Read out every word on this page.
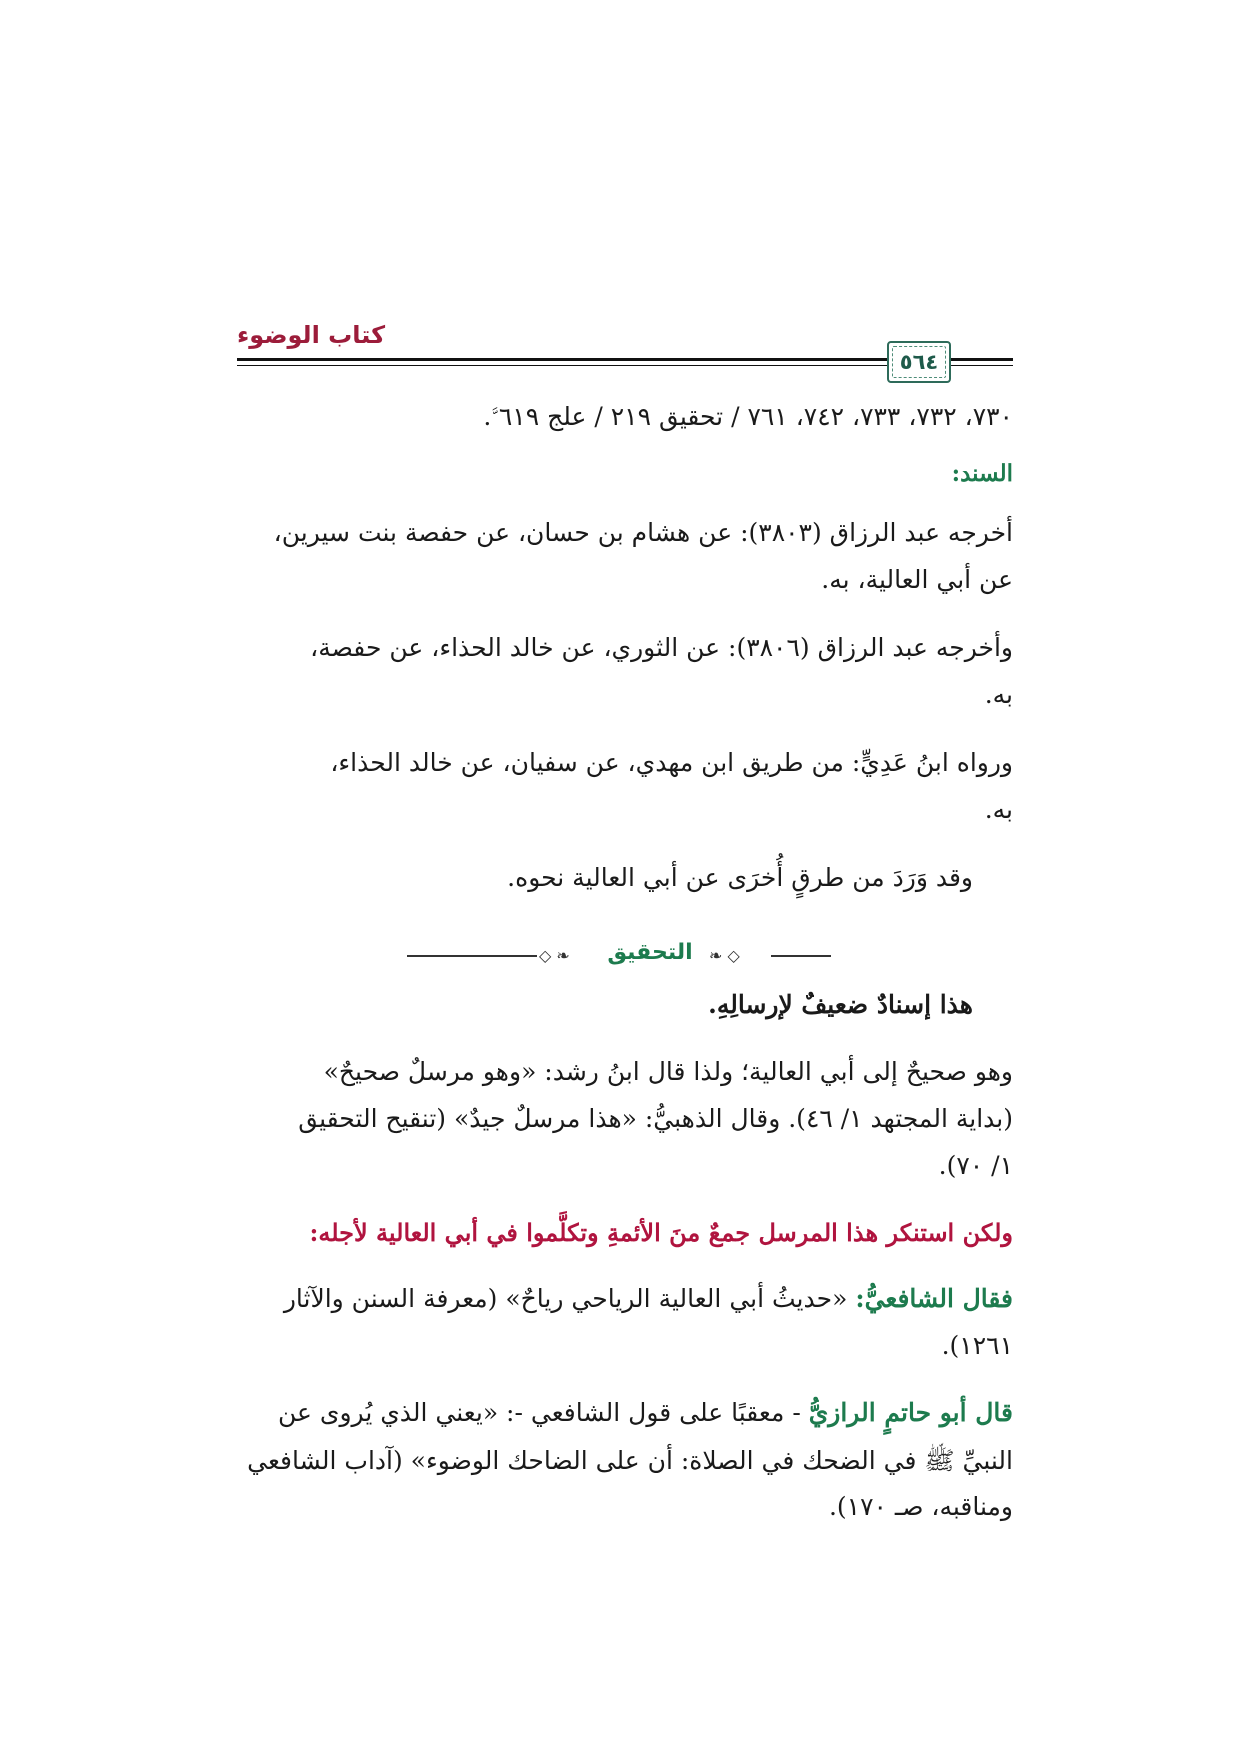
كتاب الوضوء
٥٦٤
٧٣٠، ٧٣٢، ٧٣٣، ٧٤٢، ٧٦١ / تحقيق ٢١٩ / علج ٦١٩ﱠ.
السند:
أخرجه عبد الرزاق (٣٨٠٣): عن هشام بن حسان، عن حفصة بنت سيرين،
عن أبي العالية، به.
وأخرجه عبد الرزاق (٣٨٠٦): عن الثوري، عن خالد الحذاء، عن حفصة،
به.
ورواه ابنُ عَدِيٍّ: من طريق ابن مهدي، عن سفيان، عن خالد الحذاء،
به.
وقد وَرَدَ من طرقٍ أُخرَى عن أبي العالية نحوه.
◇ ❧	التحقيق	❧ ◇
هذا إسنادٌ ضعيفٌ لإرسالِهِ.
وهو صحيحٌ إلى أبي العالية؛ ولذا قال ابنُ رشد: «وهو مرسلٌ صحيحٌ»
(بداية المجتهد ١/ ٤٦). وقال الذهبيُّ: «هذا مرسلٌ جيدٌ» (تنقيح التحقيق
١/ ٧٠).
ولكن استنكر هذا المرسل جمعٌ منَ الأئمةِ وتكلَّموا في أبي العالية لأجله:
فقال الشافعيُّ: «حديثُ أبي العالية الرياحي رياحٌ» (معرفة السنن والآثار
١٢٦١).
قال أبو حاتمٍ الرازيُّ - معقبًا على قول الشافعي -: «يعني الذي يُروى عن
النبيِّ ﷺ في الضحك في الصلاة: أن على الضاحك الوضوء» (آداب الشافعي
ومناقبه، صـ ١٧٠).
